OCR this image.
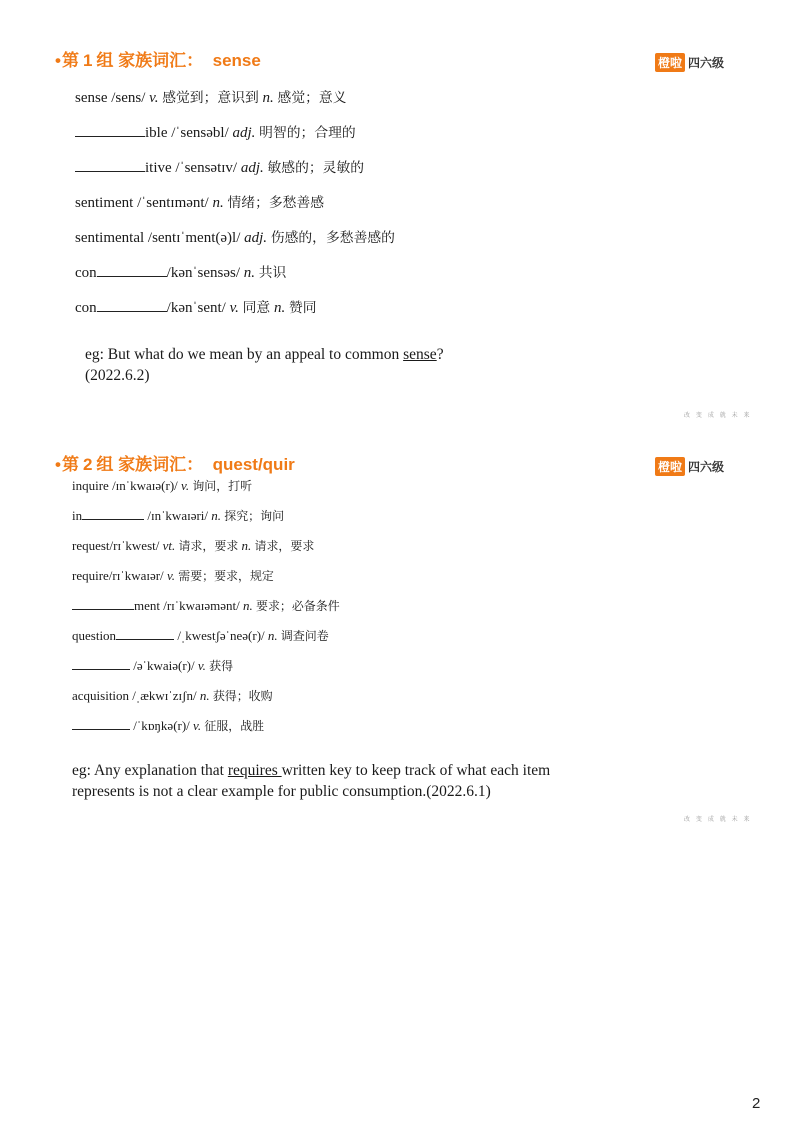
•第 1 组 家族词汇： sense	橙啦 四六级
sense /sens/ v. 感觉到；意识到 n. 感觉；意义
ible /ˈsensəbl/ adj. 明智的；合理的
itive /ˈsensətɪv/ adj. 敏感的；灵敏的
sentiment /ˈsentɪmənt/ n. 情绪；多愁善感
sentimental /sentɪˈment(ə)l/ adj. 伤感的，多愁善感的
con	/kənˈsensəs/ n. 共识
con	/kənˈsent/ v. 同意 n. 赞同
eg: But what do we mean by an appeal to common sense?
(2022.6.2)
改 变 成 就 未 来
•第 2 组 家族词汇： quest/quir	橙啦 四六级
inquire /ɪnˈkwaɪə(r)/ v. 询问，打听
in	/ɪnˈkwaɪəri/ n. 探究；询问
request/rɪˈkwest/ vt. 请求，要求 n. 请求，要求
require/rɪˈkwaɪər/ v. 需要；要求，规定
ment /rɪˈkwaɪəmənt/ n. 要求；必备条件
question	/ˌkwestʃəˈneə(r)/ n. 调查问卷
/əˈkwaiə(r)/ v. 获得
acquisition /ˌækwɪˈzɪʃn/ n. 获得；收购
/ˈkɒŋkə(r)/ v. 征服，战胜
eg: Any explanation that requires written key to keep track of what each item
represents is not a clear example for public consumption.(2022.6.1)
改 变 成 就 未 来
2
